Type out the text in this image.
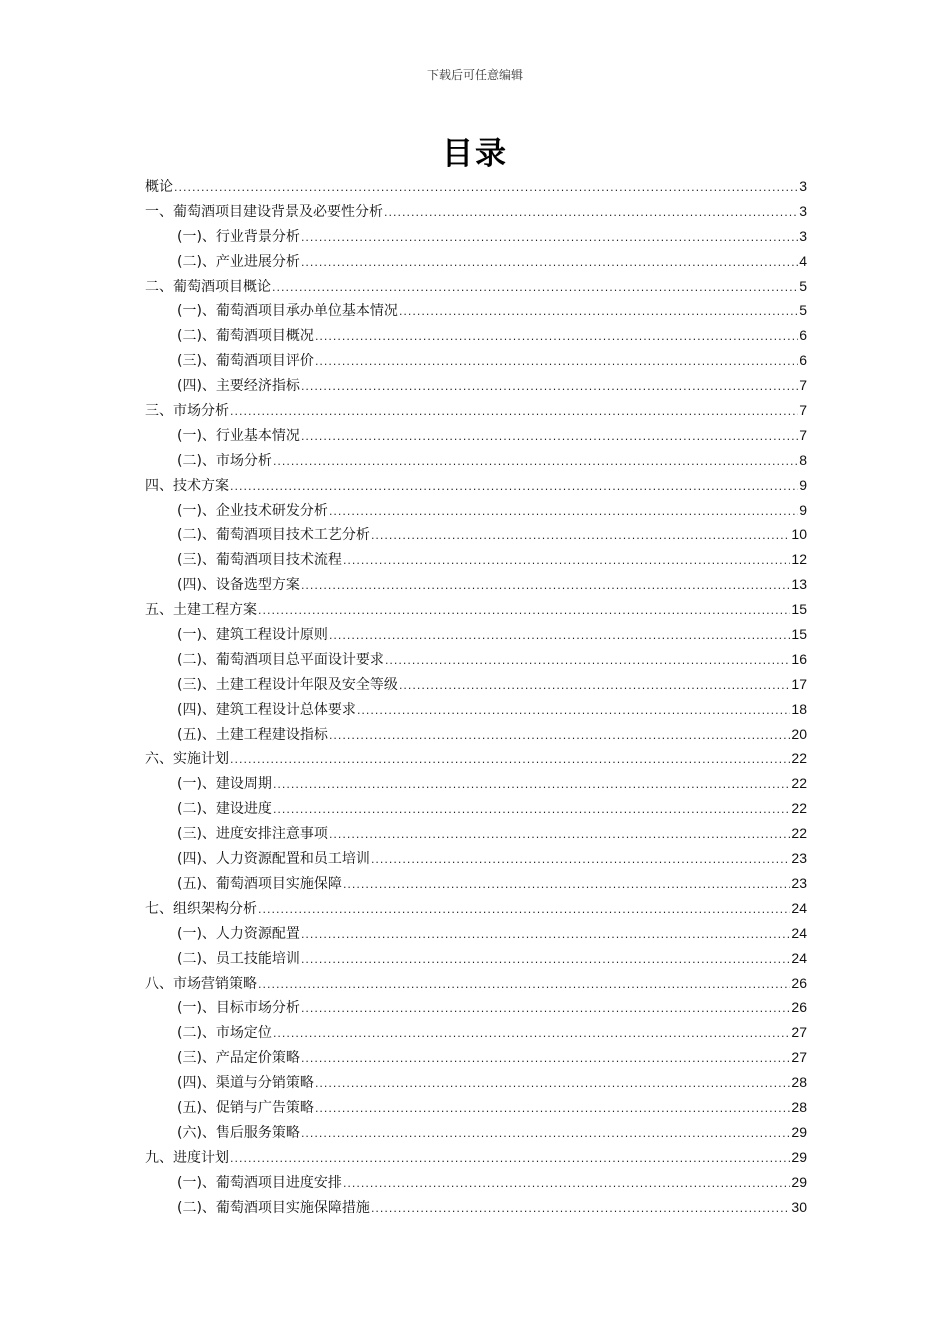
下载后可任意编辑
目录
概论 .....	3
一、葡萄酒项目建设背景及必要性分析 .....	3
(一)、行业背景分析 .....	3
(二)、产业进展分析 .....	4
二、葡萄酒项目概论 .....	5
(一)、葡萄酒项目承办单位基本情况 .....	5
(二)、葡萄酒项目概况 .....	6
(三)、葡萄酒项目评价 .....	6
(四)、主要经济指标 .....	7
三、市场分析 .....	7
(一)、行业基本情况 .....	7
(二)、市场分析 .....	8
四、技术方案 .....	9
(一)、企业技术研发分析 .....	9
(二)、葡萄酒项目技术工艺分析 .....	10
(三)、葡萄酒项目技术流程 .....	12
(四)、设备选型方案 .....	13
五、土建工程方案 .....	15
(一)、建筑工程设计原则 .....	15
(二)、葡萄酒项目总平面设计要求 .....	16
(三)、土建工程设计年限及安全等级 .....	17
(四)、建筑工程设计总体要求 .....	18
(五)、土建工程建设指标 .....	20
六、实施计划 .....	22
(一)、建设周期 .....	22
(二)、建设进度 .....	22
(三)、进度安排注意事项 .....	22
(四)、人力资源配置和员工培训 .....	23
(五)、葡萄酒项目实施保障 .....	23
七、组织架构分析 .....	24
(一)、人力资源配置 .....	24
(二)、员工技能培训 .....	24
八、市场营销策略 .....	26
(一)、目标市场分析 .....	26
(二)、市场定位 .....	27
(三)、产品定价策略 .....	27
(四)、渠道与分销策略 .....	28
(五)、促销与广告策略 .....	28
(六)、售后服务策略 .....	29
九、进度计划 .....	29
(一)、葡萄酒项目进度安排 .....	29
(二)、葡萄酒项目实施保障措施 .....	30
